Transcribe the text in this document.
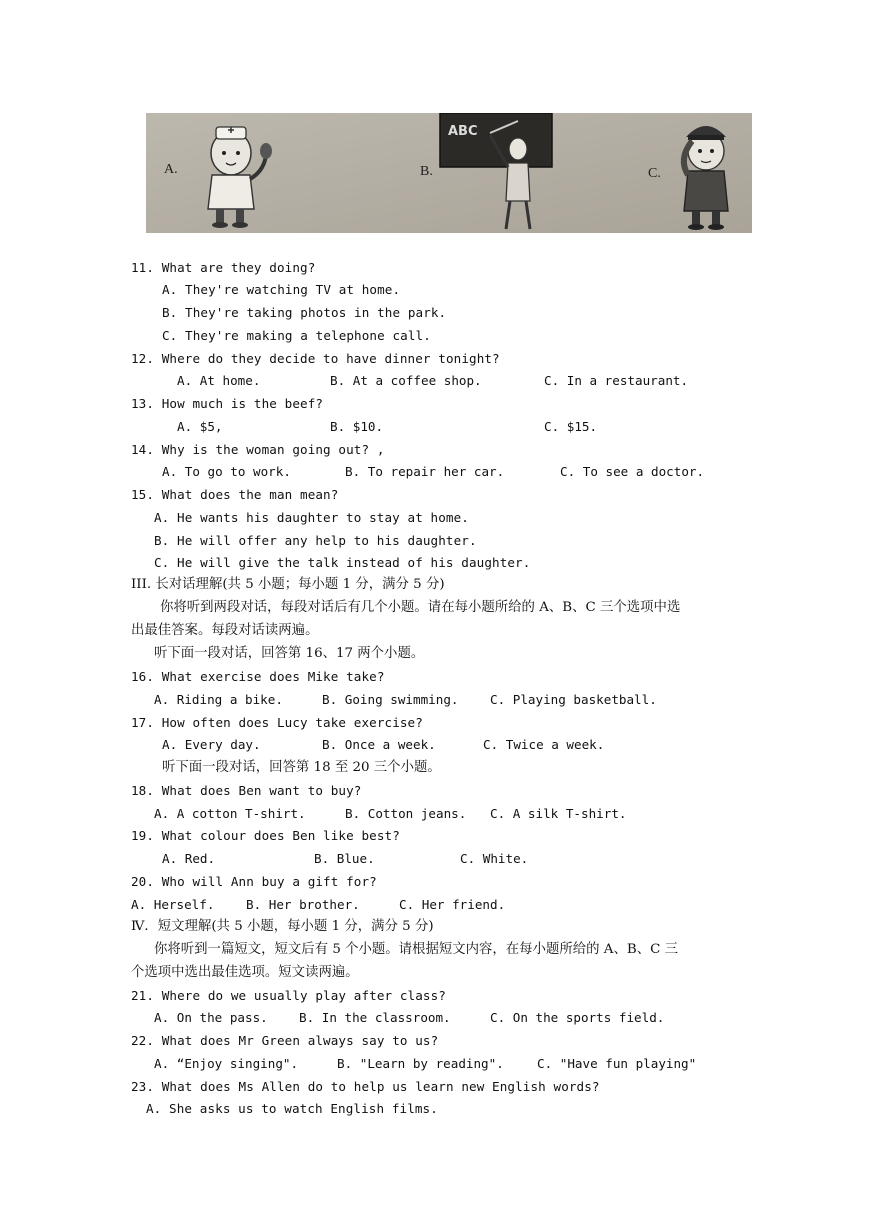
A.
ABC
B.	C.
11. What are they doing?
A. They're watching TV at home.
B. They're taking photos in the park.
C. They're making a telephone call.
12. Where do they decide to have dinner tonight?
A. At home.	B. At a coffee shop.	C. In a restaurant.
13. How much is the beef?
A. $5,	B. $10.	C. $15.
14. Why is the woman going out? ,
A. To go to work.	B. To repair her car.	C. To see a doctor.
15. What does the man mean?
A. He wants his daughter to stay at home.
B. He will offer any help to his daughter.
C. He will give the talk instead of his daughter.
III. 长对话理解(共 5 小题；每小题 1 分，满分 5 分)
你将听到两段对话，每段对话后有几个小题。请在每小题所给的 A、B、C 三个选项中选
出最佳答案。每段对话读两遍。
听下面一段对话，回答第 16、17 两个小题。
16. What exercise does Mike take?
A. Riding a bike.	B. Going swimming.	C. Playing basketball.
17. How often does Lucy take exercise?
A. Every day.	B. Once a week.	C. Twice a week.
听下面一段对话，回答第 18 至 20 三个小题。
18. What does Ben want to buy?
A. A cotton T-shirt.	B. Cotton jeans. C. A silk T-shirt.
19. What colour does Ben like best?
A. Red.	B. Blue.	C. White.
20. Who will Ann buy a gift for?
A. Herself.	B. Her brother.	C. Her friend.
Ⅳ．短文理解(共 5 小题，每小题 1 分，满分 5 分)
你将听到一篇短文，短文后有 5 个小题。请根据短文内容，在每小题所给的 A、B、C 三
个选项中选出最佳选项。短文读两遍。
21. Where do we usually play after class?
A. On the pass. B. In the classroom.	C. On the sports field.
22. What does Mr Green always say to us?
A. “Enjoy singing".	B. "Learn by reading".	C. "Have fun playing"
23. What does Ms Allen do to help us learn new English words?
A. She asks us to watch English films.
